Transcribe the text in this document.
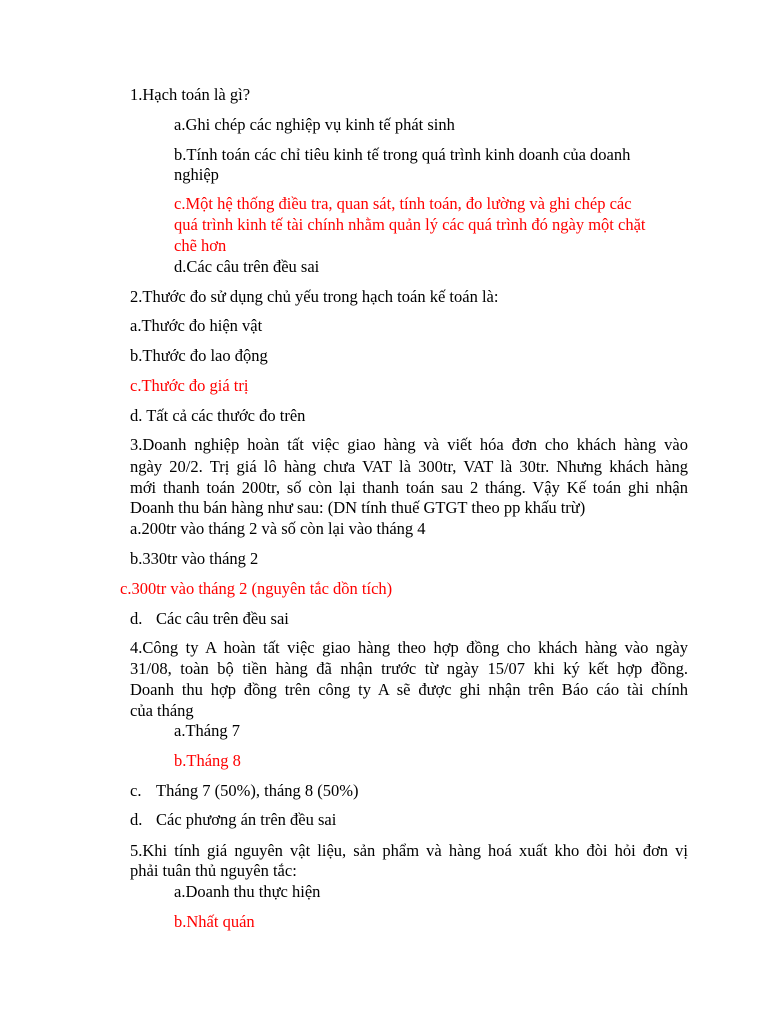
1.Hạch toán là gì?
a.Ghi chép các nghiệp vụ kinh tế phát sinh
b.Tính toán các chỉ tiêu kinh tế trong quá trình kinh doanh của doanh
nghiệp
c.Một hệ thống điều tra, quan sát, tính toán, đo lường và ghi chép các
quá trình kinh tế tài chính nhằm quản lý các quá trình đó ngày một chặt
chẽ hơn
d.Các câu trên đều sai
2.Thước đo sử dụng chủ yếu trong hạch toán kế toán là:
a.Thước đo hiện vật
b.Thước đo lao động
c.Thước đo giá trị
d. Tất cả các thước đo trên
3.Doanh nghiệp hoàn tất việc giao hàng và viết hóa đơn cho khách hàng vào
ngày 20/2. Trị giá lô hàng chưa VAT là 300tr, VAT là 30tr. Nhưng khách hàng
mới thanh toán 200tr, số còn lại thanh toán sau 2 tháng. Vậy Kế toán ghi nhận
Doanh thu bán hàng như sau: (DN tính thuế GTGT theo pp khấu trừ)
a.200tr vào tháng 2 và số còn lại vào tháng 4
b.330tr vào tháng 2
c.300tr vào tháng 2 (nguyên tắc dồn tích)
d. Các câu trên đều sai
4.Công ty A hoàn tất việc giao hàng theo hợp đồng cho khách hàng vào ngày
31/08, toàn bộ tiền hàng đã nhận trước từ ngày 15/07 khi ký kết hợp đồng.
Doanh thu hợp đồng trên công ty A sẽ được ghi nhận trên Báo cáo tài chính
của tháng
a.Tháng 7
b.Tháng 8
c. Tháng 7 (50%), tháng 8 (50%)
d. Các phương án trên đều sai
5.Khi tính giá nguyên vật liệu, sản phẩm và hàng hoá xuất kho đòi hỏi đơn vị
phải tuân thủ nguyên tắc:
a.Doanh thu thực hiện
b.Nhất quán
